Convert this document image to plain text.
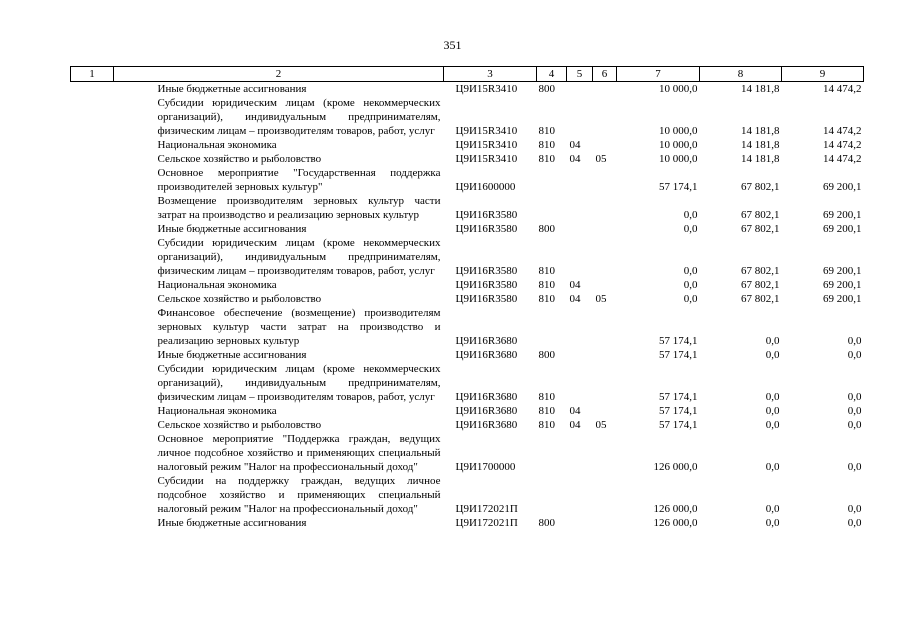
351
1	2	3	4	5	6	7	8	9
	Иные бюджетные ассигнования	Ц9И15R3410	800			10 000,0	14 181,8	14 474,2
	Субсидии юридическим лицам (кроме некоммерческих организаций), индивидуальным предпринимателям, физическим лицам – производителям товаров, работ, услуг	Ц9И15R3410	810			10 000,0	14 181,8	14 474,2
	Национальная экономика	Ц9И15R3410	810	04		10 000,0	14 181,8	14 474,2
	Сельское хозяйство и рыболовство	Ц9И15R3410	810	04	05	10 000,0	14 181,8	14 474,2
	Основное мероприятие "Государственная поддержка производителей зерновых культур"	Ц9И1600000				57 174,1	67 802,1	69 200,1
	Возмещение производителям зерновых культур части затрат на производство и реализацию зерновых культур	Ц9И16R3580				0,0	67 802,1	69 200,1
	Иные бюджетные ассигнования	Ц9И16R3580	800			0,0	67 802,1	69 200,1
	Субсидии юридическим лицам (кроме некоммерческих организаций), индивидуальным предпринимателям, физическим лицам – производителям товаров, работ, услуг	Ц9И16R3580	810			0,0	67 802,1	69 200,1
	Национальная экономика	Ц9И16R3580	810	04		0,0	67 802,1	69 200,1
	Сельское хозяйство и рыболовство	Ц9И16R3580	810	04	05	0,0	67 802,1	69 200,1
	Финансовое обеспечение (возмещение) производителям зерновых культур части затрат на производство и реализацию зерновых культур	Ц9И16R3680				57 174,1	0,0	0,0
	Иные бюджетные ассигнования	Ц9И16R3680	800			57 174,1	0,0	0,0
	Субсидии юридическим лицам (кроме некоммерческих организаций), индивидуальным предпринимателям, физическим лицам – производителям товаров, работ, услуг	Ц9И16R3680	810			57 174,1	0,0	0,0
	Национальная экономика	Ц9И16R3680	810	04		57 174,1	0,0	0,0
	Сельское хозяйство и рыболовство	Ц9И16R3680	810	04	05	57 174,1	0,0	0,0
	Основное мероприятие "Поддержка граждан, ведущих личное подсобное хозяйство и применяющих специальный налоговый режим "Налог на профессиональный доход"	Ц9И1700000				126 000,0	0,0	0,0
	Субсидии на поддержку граждан, ведущих личное подсобное хозяйство и применяющих специальный налоговый режим "Налог на профессиональный доход"	Ц9И172021П				126 000,0	0,0	0,0
	Иные бюджетные ассигнования	Ц9И172021П	800			126 000,0	0,0	0,0
